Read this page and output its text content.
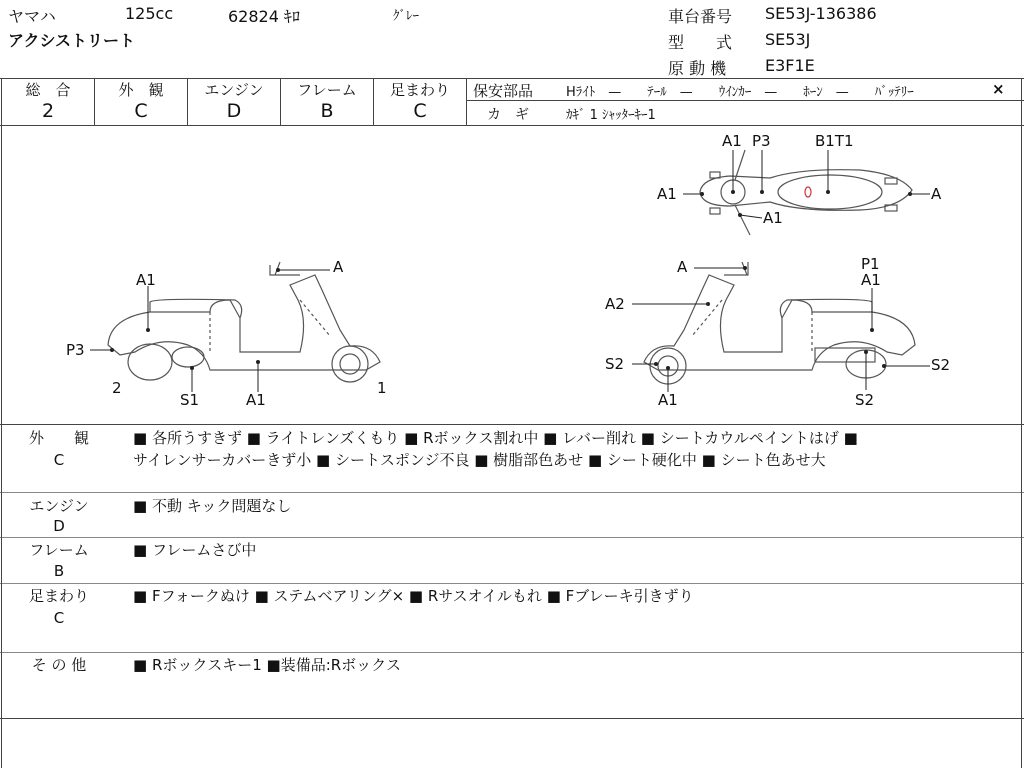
ヤマハ	125cc	62824 ｷﾛ	ｸﾞﾚｰ
アクシストリート
車台番号 SE53J-136386
型　　式 SE53J
原 動 機 E3F1E
総　合
2
外　観
C
エンジン
D
フレーム
B
足まわり
C
保安部品	Hﾗｲﾄ　—　　ﾃｰﾙ　—　　ｳｲﾝｶｰ　—　　ﾎｰﾝ　—　　ﾊﾞｯﾃﾘｰ	×
カ　ギ	ｶｷﾞ 1 ｼｬｯﾀｰｷｰ1
A1 P3	B1T1
A1	A
A1
A1
A
P3
2
S1	A1
1
A	P1
A1
A2
S2	S2
A1	S2
外　　観
C
■ 各所うすきず ■ ライトレンズくもり ■ Rボックス割れ中 ■ レバー削れ ■ シートカウルペイントはげ ■
サイレンサーカバーきず小 ■ シートスポンジ不良 ■ 樹脂部色あせ ■ シート硬化中 ■ シート色あせ大
エンジン
D
■ 不動 キック問題なし
フレーム
B
■ フレームさび中
足まわり
C
■ Fフォークぬけ ■ ステムベアリング× ■ Rサスオイルもれ ■ Fブレーキ引きずり
そ の 他	■ Rボックスキー1 ■装備品:Rボックス
